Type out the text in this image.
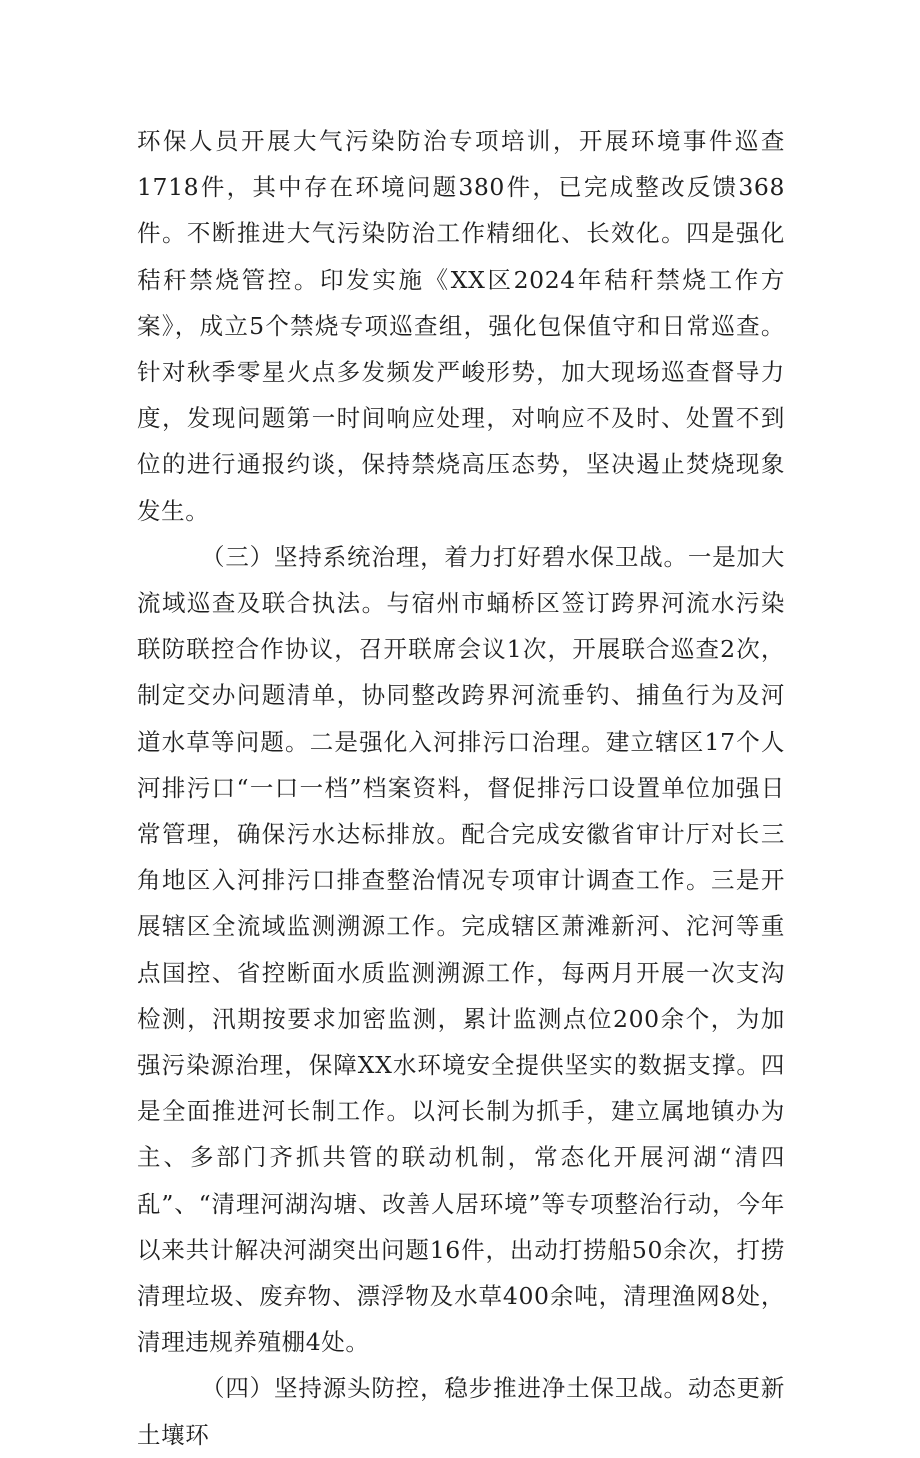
环保人员开展大气污染防治专项培训，开展环境事件巡查1718件，其中存在环境问题380件，已完成整改反馈368件。不断推进大气污染防治工作精细化、长效化。四是强化秸秆禁烧管控。印发实施《XX区2024年秸秆禁烧工作方案》，成立5个禁烧专项巡查组，强化包保值守和日常巡查。针对秋季零星火点多发频发严峻形势，加大现场巡查督导力度，发现问题第一时间响应处理，对响应不及时、处置不到位的进行通报约谈，保持禁烧高压态势，坚决遏止焚烧现象发生。

（三）坚持系统治理，着力打好碧水保卫战。一是加大流域巡查及联合执法。与宿州市蛹桥区签订跨界河流水污染联防联控合作协议，召开联席会议1次，开展联合巡查2次，制定交办问题清单，协同整改跨界河流垂钓、捕鱼行为及河道水草等问题。二是强化入河排污口治理。建立辖区17个人河排污口“一口一档”档案资料，督促排污口设置单位加强日常管理，确保污水达标排放。配合完成安徽省审计厅对长三角地区入河排污口排查整治情况专项审计调查工作。三是开展辖区全流域监测溯源工作。完成辖区萧滩新河、沱河等重点国控、省控断面水质监测溯源工作，每两月开展一次支沟检测，汛期按要求加密监测，累计监测点位200余个，为加强污染源治理，保障XX水环境安全提供坚实的数据支撑。四是全面推进河长制工作。以河长制为抓手，建立属地镇办为主、多部门齐抓共管的联动机制，常态化开展河湖“清四乱”、“清理河湖沟塘、改善人居环境”等专项整治行动，今年以来共计解决河湖突出问题16件，出动打捞船50余次，打捞清理垃圾、废弃物、漂浮物及水草400余吨，清理渔网8处，清理违规养殖棚4处。

（四）坚持源头防控，稳步推进净土保卫战。动态更新土壤环
